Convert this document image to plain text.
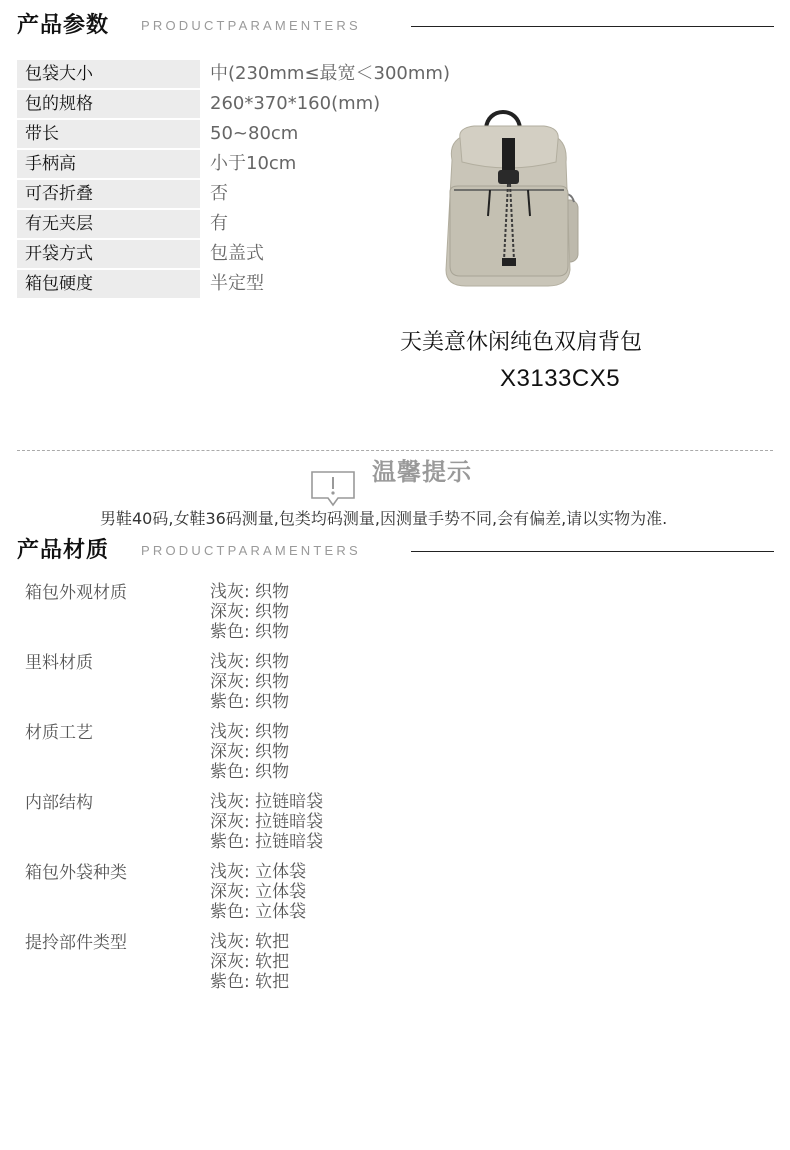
产品参数 PRODUCTPARAMENTERS
包袋大小	中(230mm≤最宽＜300mm)
包的规格	260*370*160(mm)
带长	50~80cm
手柄高	小于10cm
可否折叠	否
有无夹层	有
开袋方式	包盖式
箱包硬度	半定型
天美意休闲纯色双肩背包
X3133CX5
温馨提示
男鞋40码,女鞋36码测量,包类均码测量,因测量手势不同,会有偏差,请以实物为准.
产品材质 PRODUCTPARAMENTERS
箱包外观材质	浅灰: 织物
深灰: 织物
紫色: 织物
里料材质	浅灰: 织物
深灰: 织物
紫色: 织物
材质工艺	浅灰: 织物
深灰: 织物
紫色: 织物
内部结构	浅灰: 拉链暗袋
深灰: 拉链暗袋
紫色: 拉链暗袋
箱包外袋种类	浅灰: 立体袋
深灰: 立体袋
紫色: 立体袋
提拎部件类型	浅灰: 软把
深灰: 软把
紫色: 软把
